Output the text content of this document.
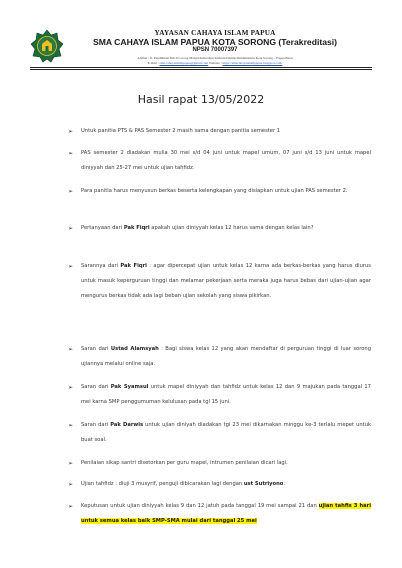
YAYASAN CAHAYA ISLAM PAPUA
SMA CAHAYA ISLAM PAPUA KOTA SORONG (Terakreditasi)
NPSN 70007397
Alamat : Jl. Pendidikan Km.9 Lorong Masjid Kelurahan Klabulu Distrik Malaimsimsa Kota Sorong – Papua Barat
E-mail : sma.cahayaislampapua@gmail.com Website : https://smacahayaislampapua.blogspot.com/
Hasil rapat 13/05/2022
➢ Untuk panitia PTS & PAS Semester 2 masih sama dengan panitia semester 1
➢ PAS semester 2 diadakan mulia 30 mei s/d 04 juni untuk mapel umum, 07 juni s/d 13 juni untuk mapel diniyyah dan 25-27 mei untuk ujian tahfidz.
➢ Para panitia harus menyusun berkas beserta kelengkapan yang disiapkan untuk ujian PAS semester 2.
➢ Pertanyaan dari Pak Fiqri apakah ujian diniyyah kelas 12 harus sama dengan kelas lain?
➢ Sarannya dari Pak Fiqri : agar dipercepat ujian untuk kelas 12 karna ada berkas-berkas yang harus diurus untuk masuk keperguruan tinggi dan melamar pekerjaan serta meraka juga harus bebas dari ujian-ujian agar mengurus berkas tidak ada lagi beban ujian sekolah yang siswa pikirkan.
➢ Saran dari Ustad Alamsyah : Bagi siswa kelas 12 yang akan mendaftar di perguruan tinggi di luar sorong ujiannya melalui online saja.
➢ Saran dari Pak Syamsul untuk mapel diniyyah dan tahfidz untuk kelas 12 dan 9 majukan pada tanggal 17 mei karna SMP penggumuman kelulusan pada tgl 15 juni.
➢ Saran dari Pak Darwis untuk ujian diniyah diadakan tgl 23 mei dikarnakan minggu ke-3 terlalu mepet untuk buat soal.
➢ Penilaian sikap santri disetorkan per guru mapel, intrumen penilaian dicari lagi.
➢ Ujian tahfidz : diuji 3 musyrif, penguji dibicarakan lagi dengan ust Sutriyono.
➢ Keputusan untuk ujian diniyyah kelas 9 dan 12 jatuh pada tanggal 19 mei sampai 21 dan ujian tahfis 3 hari untuk semua kelas baik SMP-SMA mulai dari tanggal 25 mei
